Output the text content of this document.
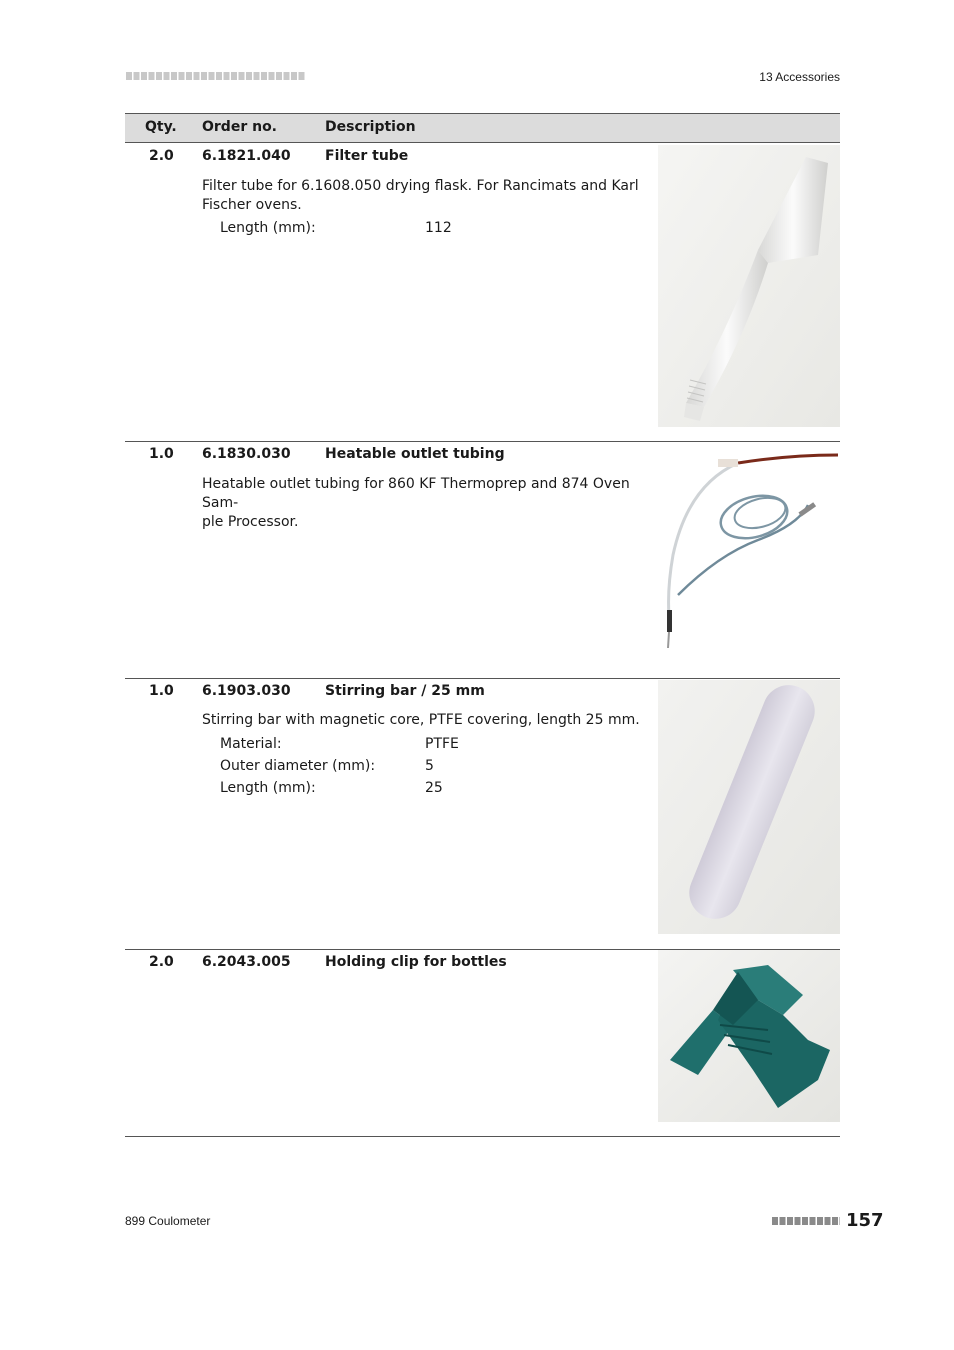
13 Accessories
Qty. Order no.	Description
2.0 6.1821.040 Filter tube
Filter tube for 6.1608.050 drying flask. For Rancimats and Karl
Fischer ovens.
Length (mm):	112
1.0 6.1830.030 Heatable outlet tubing
Heatable outlet tubing for 860 KF Thermoprep and 874 Oven Sam-
ple Processor.
1.0 6.1903.030 Stirring bar / 25 mm
Stirring bar with magnetic core, PTFE covering, length 25 mm.
Material:	PTFE
Outer diameter (mm):	5
Length (mm):	25
2.0 6.2043.005 Holding clip for bottles
899 Coulometer	157
